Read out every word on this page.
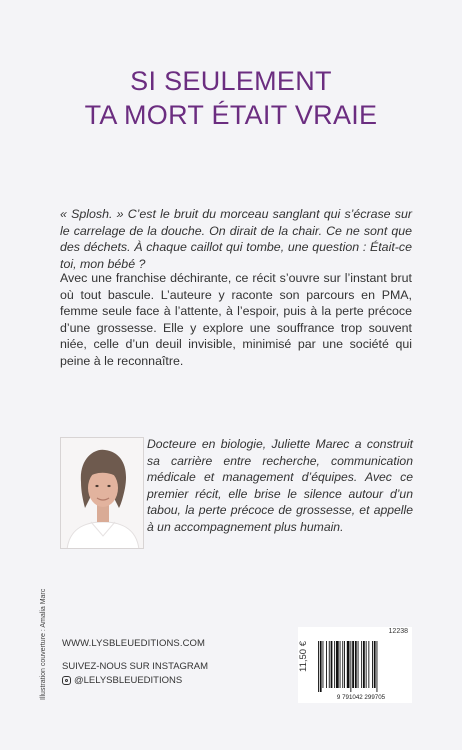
SI SEULEMENT
TA MORT ÉTAIT VRAIE

« Splosh. » C’est le bruit du morceau sanglant qui s’écrase sur le carrelage de la douche. On dirait de la chair. Ce ne sont que des déchets. À chaque caillot qui tombe, une question : Était-ce toi, mon bébé ?

Avec une franchise déchirante, ce récit s’ouvre sur l’instant brut où tout bascule. L’auteure y raconte son parcours en PMA, femme seule face à l’attente, à l’espoir, puis à la perte précoce d’une grossesse. Elle y explore une souffrance trop souvent niée, celle d’un deuil invisible, minimisé par une société qui peine à le reconnaître.

Docteure en biologie, Juliette Marec a construit sa carrière entre recherche, communication médicale et management d’équipes. Avec ce premier récit, elle brise le silence autour d’un tabou, la perte précoce de grossesse, et appelle à un accompagnement plus humain.

Illustration couverture : Amalia Marc WWW.LYSBLEUEDITIONS.COM
SUIVEZ-NOUS SUR INSTAGRAM
@LELYSBLEUEDITIONS
12238
11,50 €
9 791042 299705
